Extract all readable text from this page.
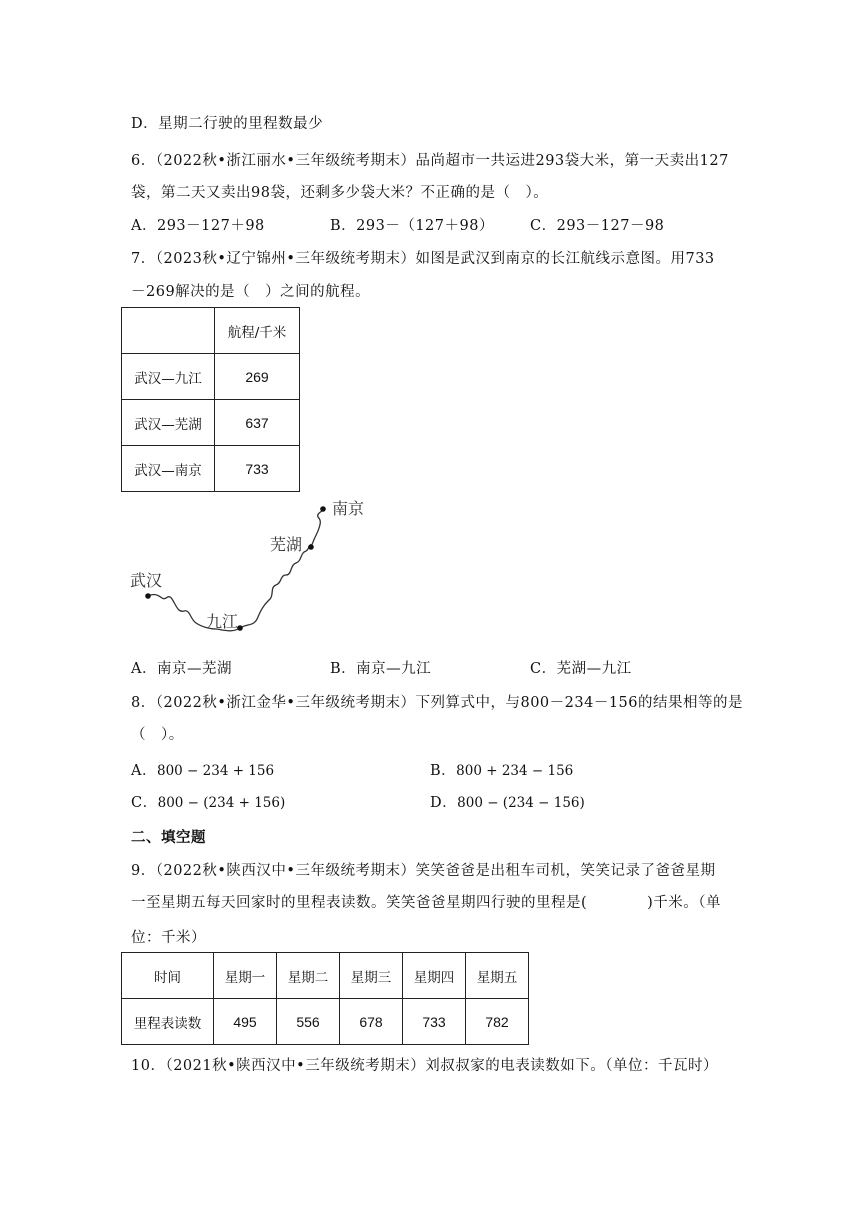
D．星期二行驶的里程数最少
6．（2022秋•浙江丽水•三年级统考期末）品尚超市一共运进293袋大米，第一天卖出127
袋，第二天又卖出98袋，还剩多少袋大米？不正确的是（　）。
A．293－127＋98	B．293－（127＋98） C．293－127－98
7．（2023秋•辽宁锦州•三年级统考期末）如图是武汉到南京的长江航线示意图。用733
－269解决的是（　）之间的航程。
	航程/千米
武汉—九江	269
武汉—芜湖	637
武汉—南京	733
武汉
九江
芜湖
南京
A．南京—芜湖	B．南京—九江	C．芜湖—九江
8．（2022秋•浙江金华•三年级统考期末）下列算式中，与800－234－156的结果相等的是
（　）。
A．800 − 234 + 156	B．800 + 234 − 156
C．800 − (234 + 156)	D．800 − (234 − 156)
二、填空题
9．（2022秋•陕西汉中•三年级统考期末）笑笑爸爸是出租车司机，笑笑记录了爸爸星期
一至星期五每天回家时的里程表读数。笑笑爸爸星期四行驶的里程是(　　　　)千米。（单
位：千米）
时间	星期一	星期二	星期三	星期四	星期五
里程表读数	495	556	678	733	782
10．（2021秋•陕西汉中•三年级统考期末）刘叔叔家的电表读数如下。（单位：千瓦时）
